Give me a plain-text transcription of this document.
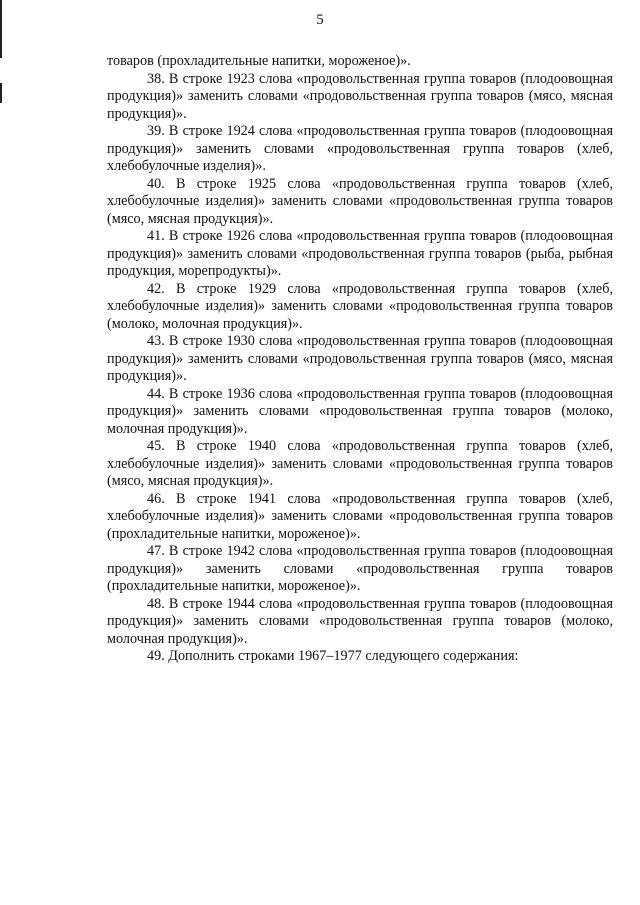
5

товаров (прохладительные напитки, мороженое)».

38. В строке 1923 слова «продовольственная группа товаров (плодоовощная продукция)» заменить словами «продовольственная группа товаров (мясо, мясная продукция)».

39. В строке 1924 слова «продовольственная группа товаров (плодоовощная продукция)» заменить словами «продовольственная группа товаров (хлеб, хлебобулочные изделия)».

40. В строке 1925 слова «продовольственная группа товаров (хлеб, хлебобулочные изделия)» заменить словами «продовольственная группа товаров (мясо, мясная продукция)».

41. В строке 1926 слова «продовольственная группа товаров (плодоовощная продукция)» заменить словами «продовольственная группа товаров (рыба, рыбная продукция, морепродукты)».

42. В строке 1929 слова «продовольственная группа товаров (хлеб, хлебобулочные изделия)» заменить словами «продовольственная группа товаров (молоко, молочная продукция)».

43. В строке 1930 слова «продовольственная группа товаров (плодоовощная продукция)» заменить словами «продовольственная группа товаров (мясо, мясная продукция)».

44. В строке 1936 слова «продовольственная группа товаров (плодоовощная продукция)» заменить словами «продовольственная группа товаров (молоко, молочная продукция)».

45. В строке 1940 слова «продовольственная группа товаров (хлеб, хлебобулочные изделия)» заменить словами «продовольственная группа товаров (мясо, мясная продукция)».

46. В строке 1941 слова «продовольственная группа товаров (хлеб, хлебобулочные изделия)» заменить словами «продовольственная группа товаров (прохладительные напитки, мороженое)».

47. В строке 1942 слова «продовольственная группа товаров (плодоовощная продукция)» заменить словами «продовольственная группа товаров (прохладительные напитки, мороженое)».

48. В строке 1944 слова «продовольственная группа товаров (плодоовощная продукция)» заменить словами «продовольственная группа товаров (молоко, молочная продукция)».

49. Дополнить строками 1967–1977 следующего содержания:
